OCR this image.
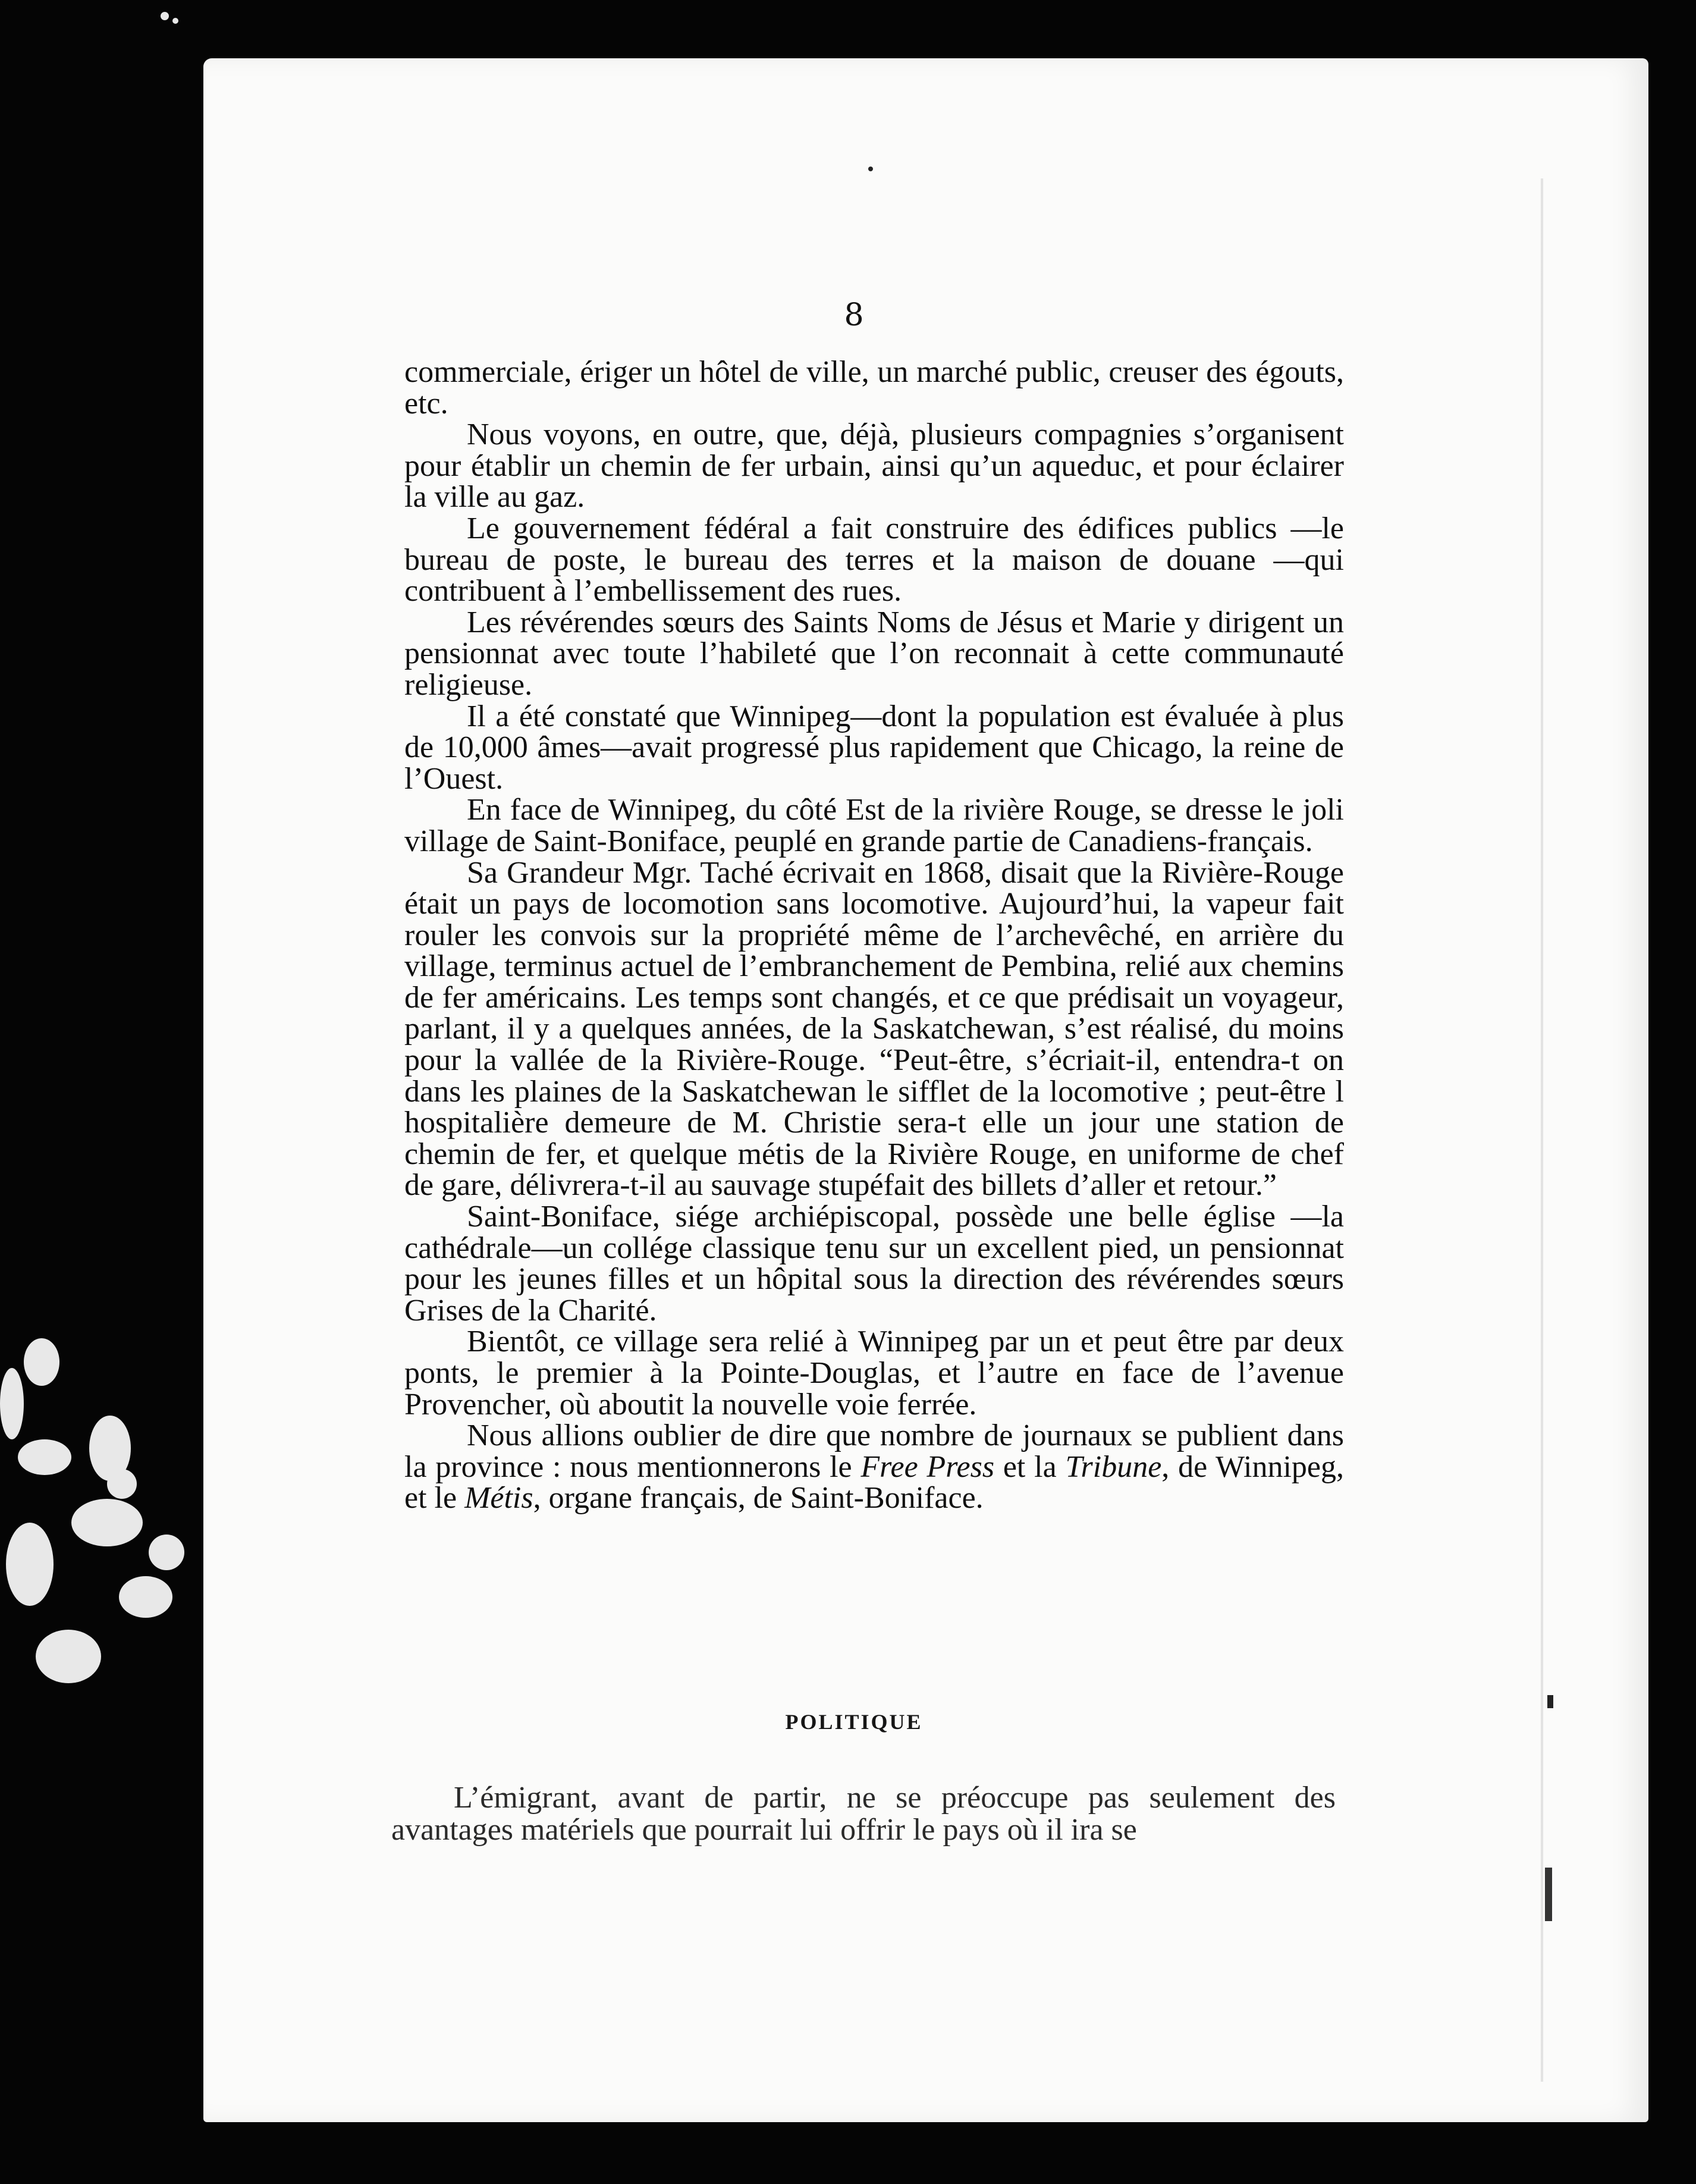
8

commerciale, ériger un hôtel de ville, un marché public, creuser des égouts, etc.

Nous voyons, en outre, que, déjà, plusieurs compagnies s’organisent pour établir un chemin de fer urbain, ainsi qu’un aqueduc, et pour éclairer la ville au gaz.

Le gouvernement fédéral a fait construire des édifices publics —le bureau de poste, le bureau des terres et la maison de douane —qui contribuent à l’embellissement des rues.

Les révérendes sœurs des Saints Noms de Jésus et Marie y dirigent un pensionnat avec toute l’habileté que l’on reconnait à cette communauté religieuse.

Il a été constaté que Winnipeg—dont la population est évaluée à plus de 10,000 âmes—avait progressé plus rapidement que Chicago, la reine de l’Ouest.

En face de Winnipeg, du côté Est de la rivière Rouge, se dresse le joli village de Saint-Boniface, peuplé en grande partie de Canadiens-français.

Sa Grandeur Mgr. Taché écrivait en 1868, disait que la Rivière-Rouge était un pays de locomotion sans locomotive. Aujourd’hui, la vapeur fait rouler les convois sur la propriété même de l’archevêché, en arrière du village, terminus actuel de l’embranchement de Pembina, relié aux chemins de fer américains. Les temps sont changés, et ce que prédisait un voyageur, parlant, il y a quelques années, de la Saskatchewan, s’est réalisé, du moins pour la vallée de la Rivière-Rouge. “Peut-être, s’écriait-il, entendra-t on dans les plaines de la Saskatchewan le sifflet de la locomotive ; peut-être l hospitalière demeure de M. Christie sera-t elle un jour une station de chemin de fer, et quelque métis de la Rivière Rouge, en uniforme de chef de gare, délivrera-t-il au sauvage stupéfait des billets d’aller et retour.”

Saint-Boniface, siége archiépiscopal, possède une belle église —la cathédrale—un collége classique tenu sur un excellent pied, un pensionnat pour les jeunes filles et un hôpital sous la direction des révérendes sœurs Grises de la Charité.

Bientôt, ce village sera relié à Winnipeg par un et peut être par deux ponts, le premier à la Pointe-Douglas, et l’autre en face de l’avenue Provencher, où aboutit la nouvelle voie ferrée.

Nous allions oublier de dire que nombre de journaux se publient dans la province : nous mentionnerons le Free Press et la Tribune, de Winnipeg, et le Métis, organe français, de Saint-Boniface.

POLITIQUE

L’émigrant, avant de partir, ne se préoccupe pas seulement des avantages matériels que pourrait lui offrir le pays où il ira se
